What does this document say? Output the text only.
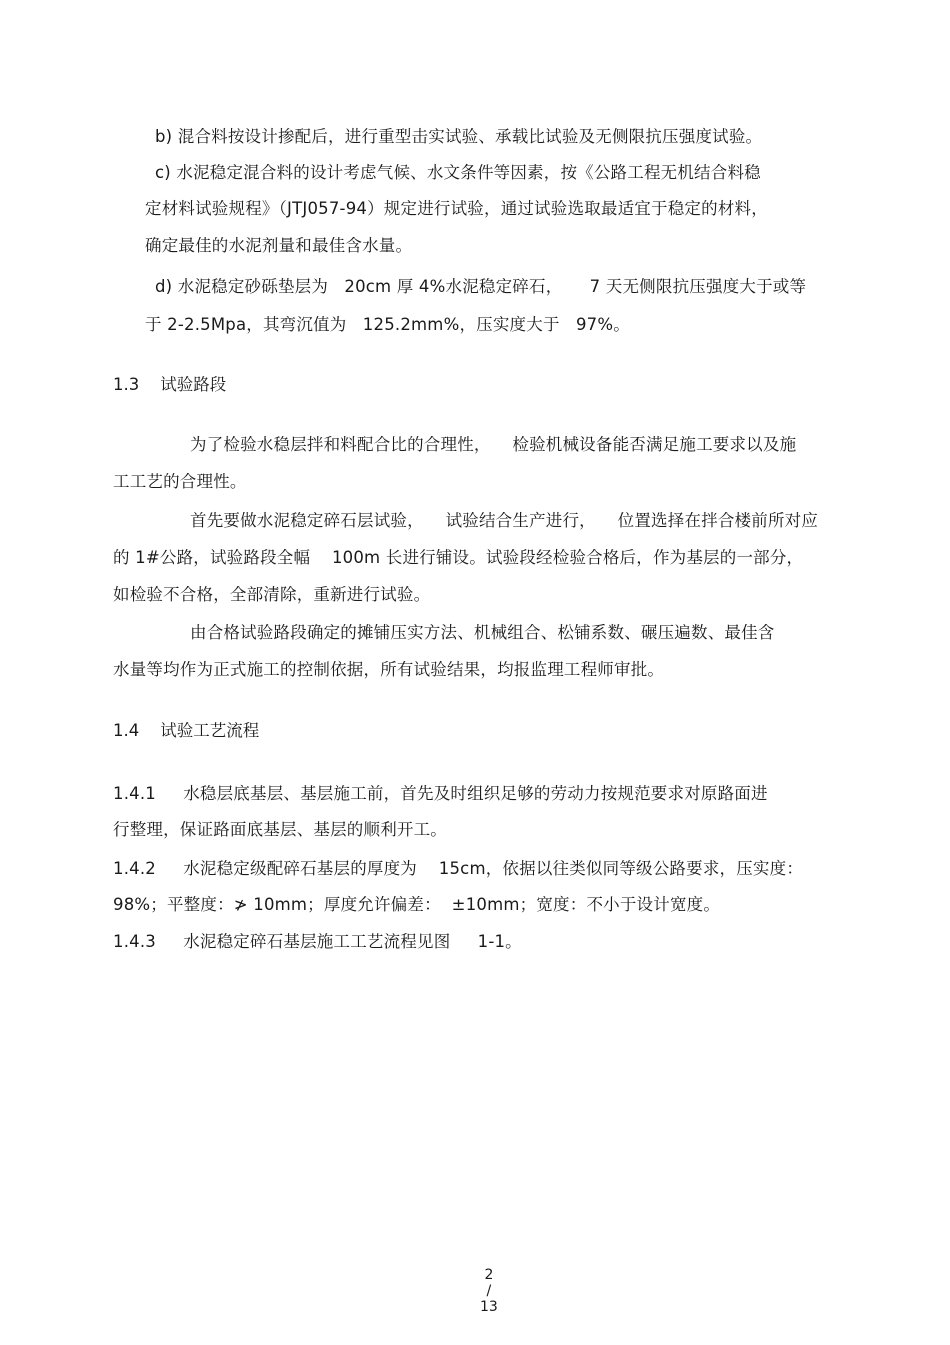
b) 混合料按设计掺配后，进行重型击实试验、承载比试验及无侧限抗压强度试验。
c) 水泥稳定混合料的设计考虑气候、水文条件等因素，按《公路工程无机结合料稳
定材料试验规程》（JTJ057-94）规定进行试验，通过试验选取最适宜于稳定的材料，
确定最佳的水泥剂量和最佳含水量。
d) 水泥稳定砂砾垫层为   20cm 厚 4%水泥稳定碎石，     7 天无侧限抗压强度大于或等
于 2-2.5Mpa，其弯沉值为   125.2mm%，压实度大于   97%。
1.3    试验路段
为了检验水稳层拌和料配合比的合理性，    检验机械设备能否满足施工要求以及施
工工艺的合理性。
首先要做水泥稳定碎石层试验，    试验结合生产进行，    位置选择在拌合楼前所对应
的 1#公路，试验路段全幅    100m 长进行铺设。试验段经检验合格后，作为基层的一部分，
如检验不合格，全部清除，重新进行试验。
由合格试验路段确定的摊铺压实方法、机械组合、松铺系数、碾压遍数、最佳含
水量等均作为正式施工的控制依据，所有试验结果，均报监理工程师审批。
1.4    试验工艺流程
1.4.1     水稳层底基层、基层施工前，首先及时组织足够的劳动力按规范要求对原路面进
行整理，保证路面底基层、基层的顺利开工。
1.4.2     水泥稳定级配碎石基层的厚度为    15cm，依据以往类似同等级公路要求，压实度：
98%；平整度：≯ 10mm；厚度允许偏差：  ±10mm；宽度：不小于设计宽度。
1.4.3     水泥稳定碎石基层施工工艺流程见图     1-1。

2
/
13
